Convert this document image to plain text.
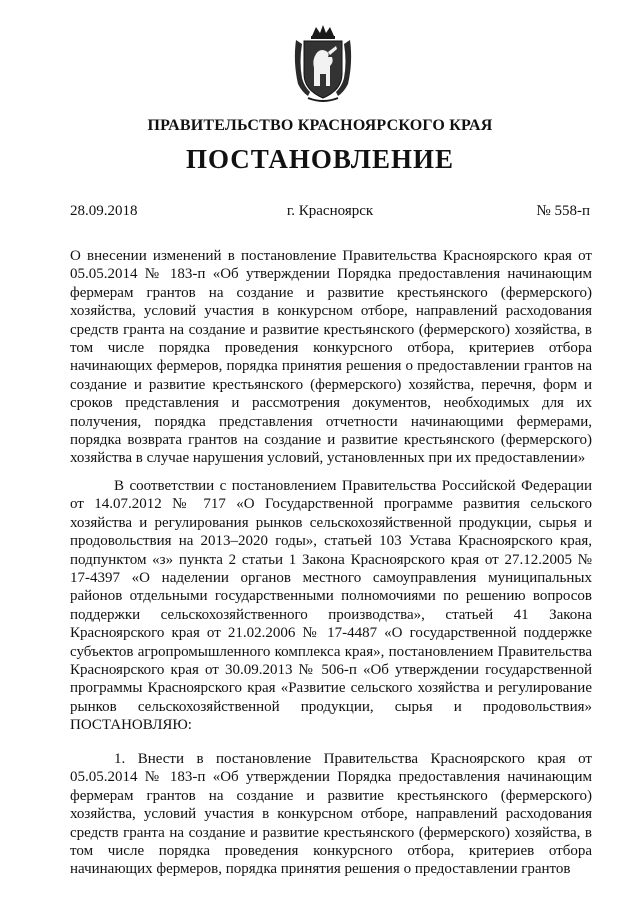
ПРАВИТЕЛЬСТВО КРАСНОЯРСКОГО КРАЯ
ПОСТАНОВЛЕНИЕ
г. Красноярск
28.09.2018	№ 558-п
О внесении изменений в постановление Правительства Красноярского края от 05.05.2014 № 183-п «Об утверждении Порядка предоставления начинающим фермерам грантов на создание и развитие крестьянского (фермерского) хозяйства, условий участия в конкурсном отборе, направлений расходования средств гранта на создание и развитие крестьянского (фермерского) хозяйства, в том числе порядка проведения конкурсного отбора, критериев отбора начинающих фермеров, порядка принятия решения о предоставлении грантов на создание и развитие крестьянского (фермерского) хозяйства, перечня, форм и сроков представления и рассмотрения документов, необходимых для их получения, порядка представления отчетности начинающими фермерами, порядка возврата грантов на создание и развитие крестьянского (фермерского) хозяйства в случае нарушения условий, установленных при их предоставлении»
В соответствии с постановлением Правительства Российской Федерации от 14.07.2012 № 717 «О Государственной программе развития сельского хозяйства и регулирования рынков сельскохозяйственной продукции, сырья и продовольствия на 2013–2020 годы», статьей 103 Устава Красноярского края, подпунктом «з» пункта 2 статьи 1 Закона Красноярского края от 27.12.2005 № 17-4397 «О наделении органов местного самоуправления муниципальных районов отдельными государственными полномочиями по решению вопросов поддержки сельскохозяйственного производства», статьей 41 Закона Красноярского края от 21.02.2006 № 17-4487 «О государственной поддержке субъектов агропромышленного комплекса края», постановлением Правительства Красноярского края от 30.09.2013 № 506-п «Об утверждении государственной программы Красноярского края «Развитие сельского хозяйства и регулирование рынков сельскохозяйственной продукции, сырья и продовольствия» ПОСТАНОВЛЯЮ:
1. Внести в постановление Правительства Красноярского края от 05.05.2014 № 183-п «Об утверждении Порядка предоставления начинающим фермерам грантов на создание и развитие крестьянского (фермерского) хозяйства, условий участия в конкурсном отборе, направлений расходования средств гранта на создание и развитие крестьянского (фермерского) хозяйства, в том числе порядка проведения конкурсного отбора, критериев отбора начинающих фермеров, порядка принятия решения о предоставлении грантов
